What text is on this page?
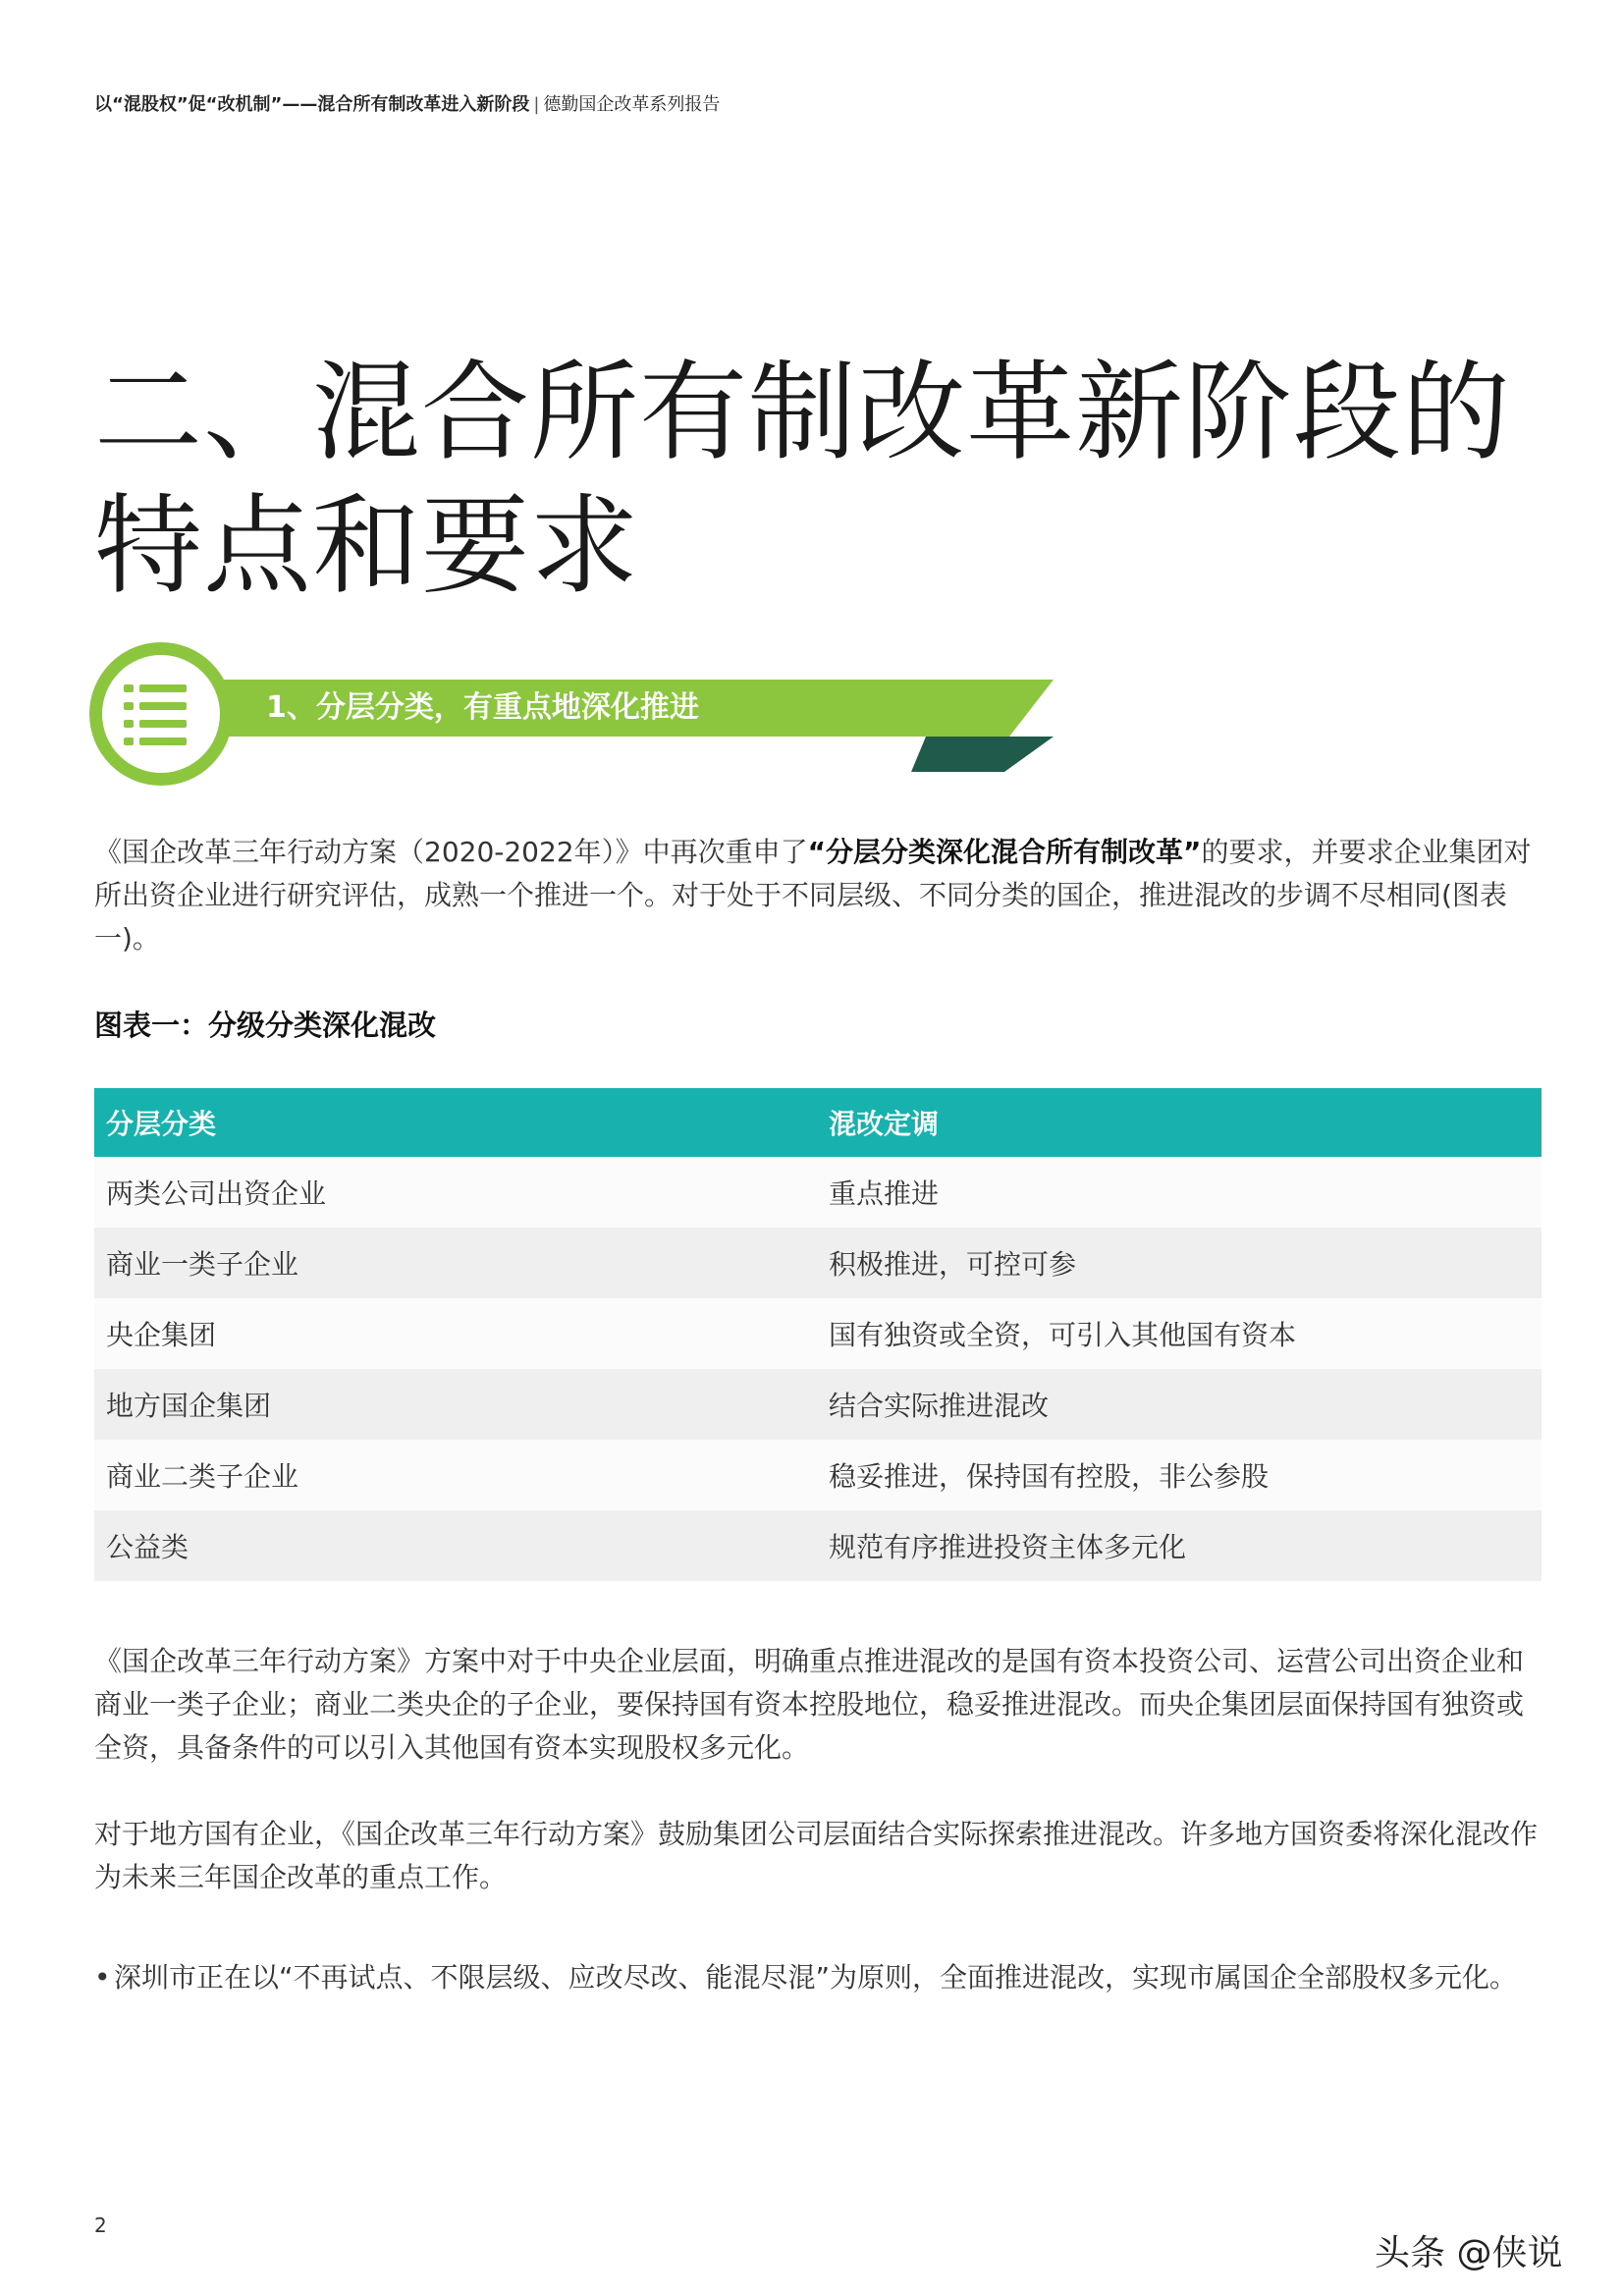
以“混股权”促“改机制”——混合所有制改革进入新阶段 | 德勤国企改革系列报告
二、混合所有制改革新阶段的
特点和要求
1、分层分类，有重点地深化推进

《国企改革三年行动方案（2020-2022年）》中再次重申了“分层分类深化混合所有制改革”的要求，并要求企业集团对所出资企业进行研究评估，成熟一个推进一个。对于处于不同层级、不同分类的国企，推进混改的步调不尽相同(图表一)。

图表一：分级分类深化混改
分层分类	混改定调
两类公司出资企业	重点推进
商业一类子企业	积极推进，可控可参
央企集团	国有独资或全资，可引入其他国有资本
地方国企集团	结合实际推进混改
商业二类子企业	稳妥推进，保持国有控股，非公参股
公益类	规范有序推进投资主体多元化

《国企改革三年行动方案》方案中对于中央企业层面，明确重点推进混改的是国有资本投资公司、运营公司出资企业和商业一类子企业；商业二类央企的子企业，要保持国有资本控股地位，稳妥推进混改。而央企集团层面保持国有独资或全资，具备条件的可以引入其他国有资本实现股权多元化。

对于地方国有企业，《国企改革三年行动方案》鼓励集团公司层面结合实际探索推进混改。许多地方国资委将深化混改作为未来三年国企改革的重点工作。

• 深圳市正在以“不再试点、不限层级、应改尽改、能混尽混”为原则，全面推进混改，实现市属国企全部股权多元化。
2
头条 @侠说
